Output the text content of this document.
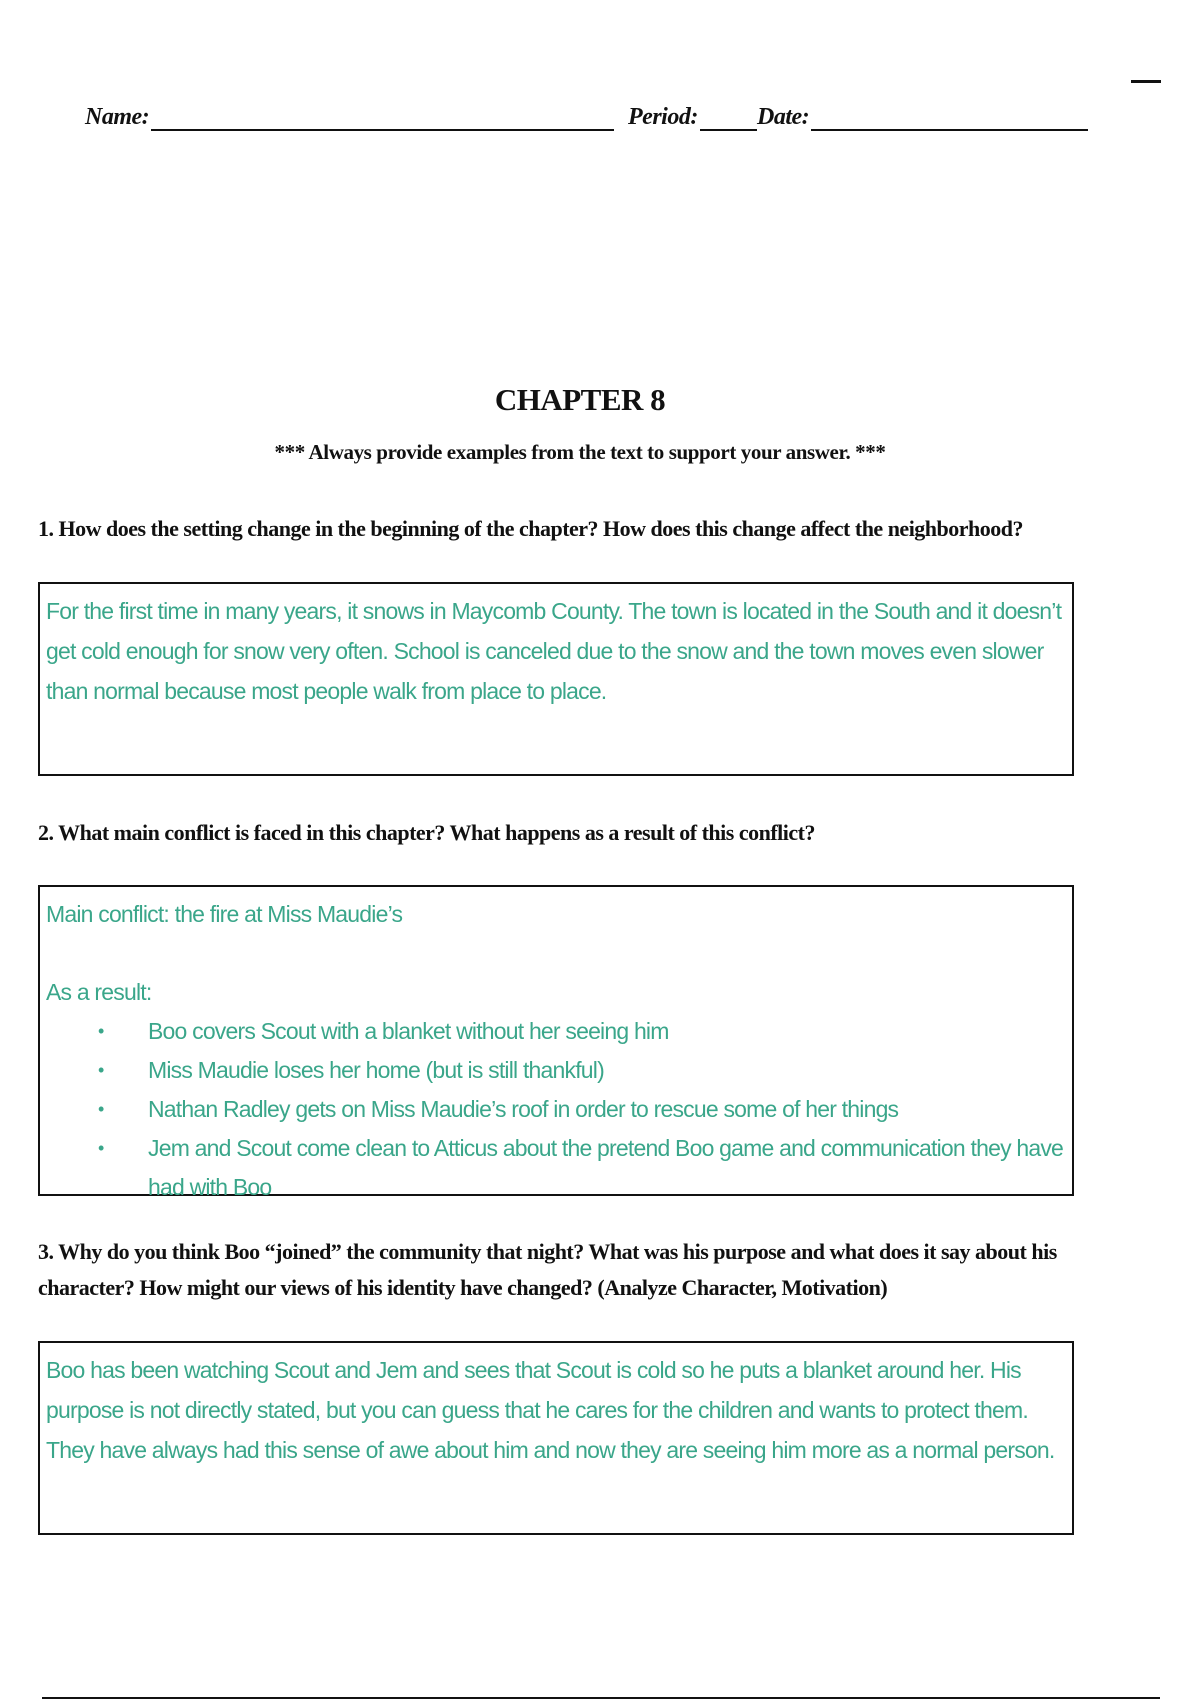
Name:	Period: Date:
CHAPTER 8
*** Always provide examples from the text to support your answer. ***
1. How does the setting change in the beginning of the chapter? How does this change affect the neighborhood?

For the first time in many years, it snows in Maycomb County. The town is located in the South and it doesn’t get cold enough for snow very often. School is canceled due to the snow and the town moves even slower than normal because most people walk from place to place.

2. What main conflict is faced in this chapter? What happens as a result of this conflict?

Main conflict: the fire at Miss Maudie’s

As a result:

• Boo covers Scout with a blanket without her seeing him
• Miss Maudie loses her home (but is still thankful)
• Nathan Radley gets on Miss Maudie’s roof in order to rescue some of her things
• Jem and Scout come clean to Atticus about the pretend Boo game and communication they have had with Boo
3. Why do you think Boo “joined” the community that night? What was his purpose and what does it say about his character? How might our views of his identity have changed? (Analyze Character, Motivation)

Boo has been watching Scout and Jem and sees that Scout is cold so he puts a blanket around her. His purpose is not directly stated, but you can guess that he cares for the children and wants to protect them. They have always had this sense of awe about him and now they are seeing him more as a normal person.
